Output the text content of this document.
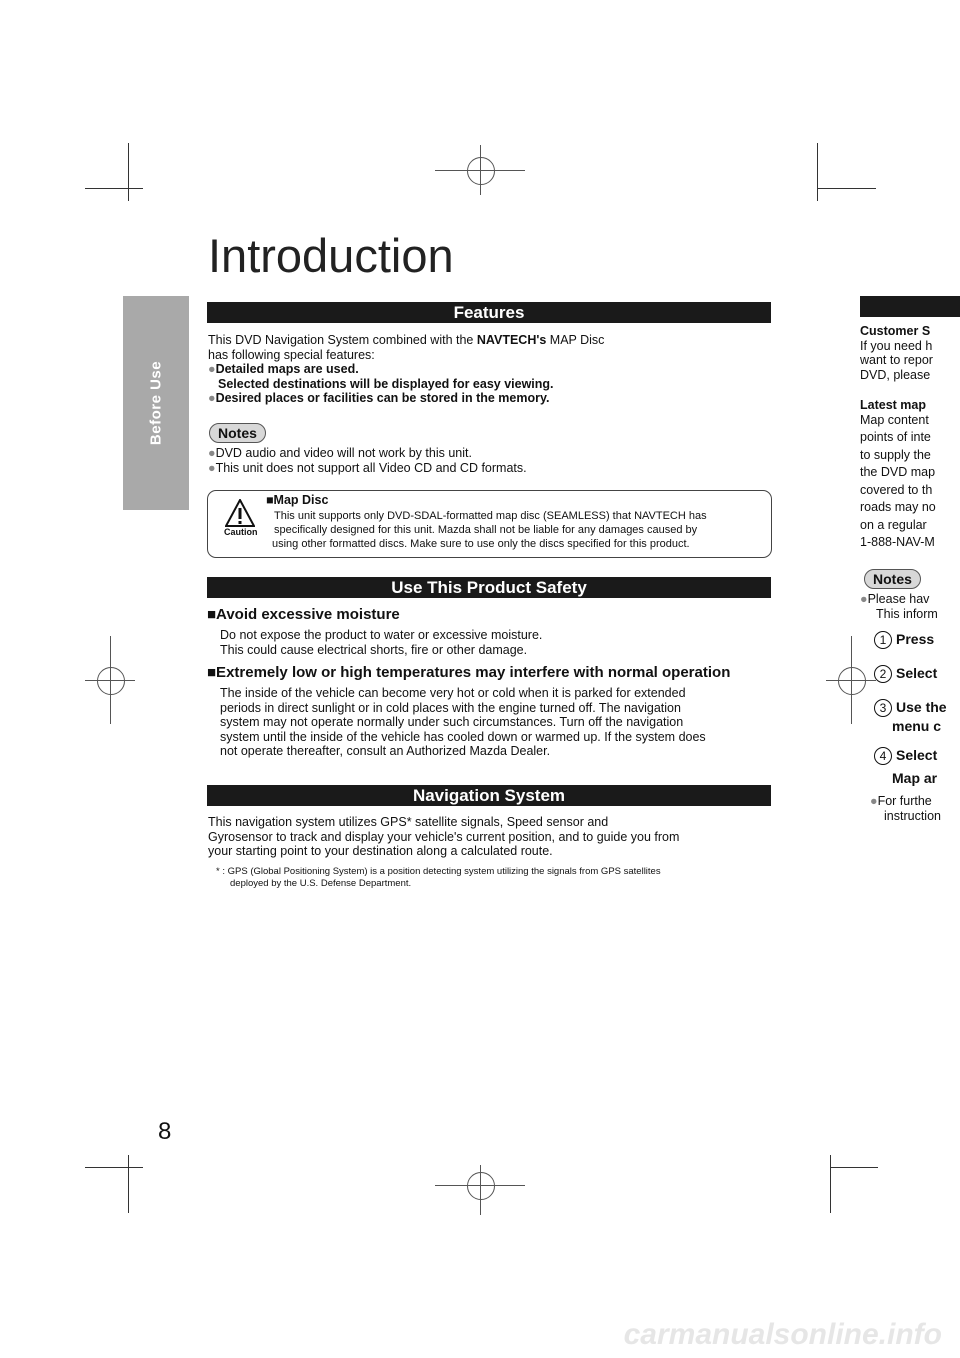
Before Use
Introduction
Features
This DVD Navigation System combined with the NAVTECH's MAP Disc
has following special features:
●Detailed maps are used.
Selected destinations will be displayed for easy viewing.
●Desired places or facilities can be stored in the memory.
Notes
●DVD audio and video will not work by this unit.
●This unit does not support all Video CD and CD formats.
Caution
■Map Disc
This unit supports only DVD-SDAL-formatted map disc (SEAMLESS) that NAVTECH has
specifically designed for this unit. Mazda shall not be liable for any damages caused by
using other formatted discs. Make sure to use only the discs specified for this product.
Use This Product Safety
■Avoid excessive moisture
Do not expose the product to water or excessive moisture.
This could cause electrical shorts, fire or other damage.
■Extremely low or high temperatures may interfere with normal operation
The inside of the vehicle can become very hot or cold when it is parked for extended
periods in direct sunlight or in cold places with the engine turned off. The navigation
system may not operate normally under such circumstances. Turn off the navigation
system until the inside of the vehicle has cooled down or warmed up. If the system does
not operate thereafter, consult an Authorized Mazda Dealer.
Navigation System
This navigation system utilizes GPS* satellite signals, Speed sensor and
Gyrosensor to track and display your vehicle's current position, and to guide you from
your starting point to your destination along a calculated route.
* : GPS (Global Positioning System) is a position detecting system utilizing the signals from GPS satellites
deployed by the U.S. Defense Department.
8
Customer S
If you need h
want to repor
DVD, please
Latest map
Map content
points of inte
to supply the
the DVD map
covered to th
roads may no
on a regular
1-888-NAV-M
Notes
●Please hav
This inform
1 Press
2 Select
3 Use the
menu c
4 Select
Map ar
●For furthe
instruction
carmanualsonline.info
